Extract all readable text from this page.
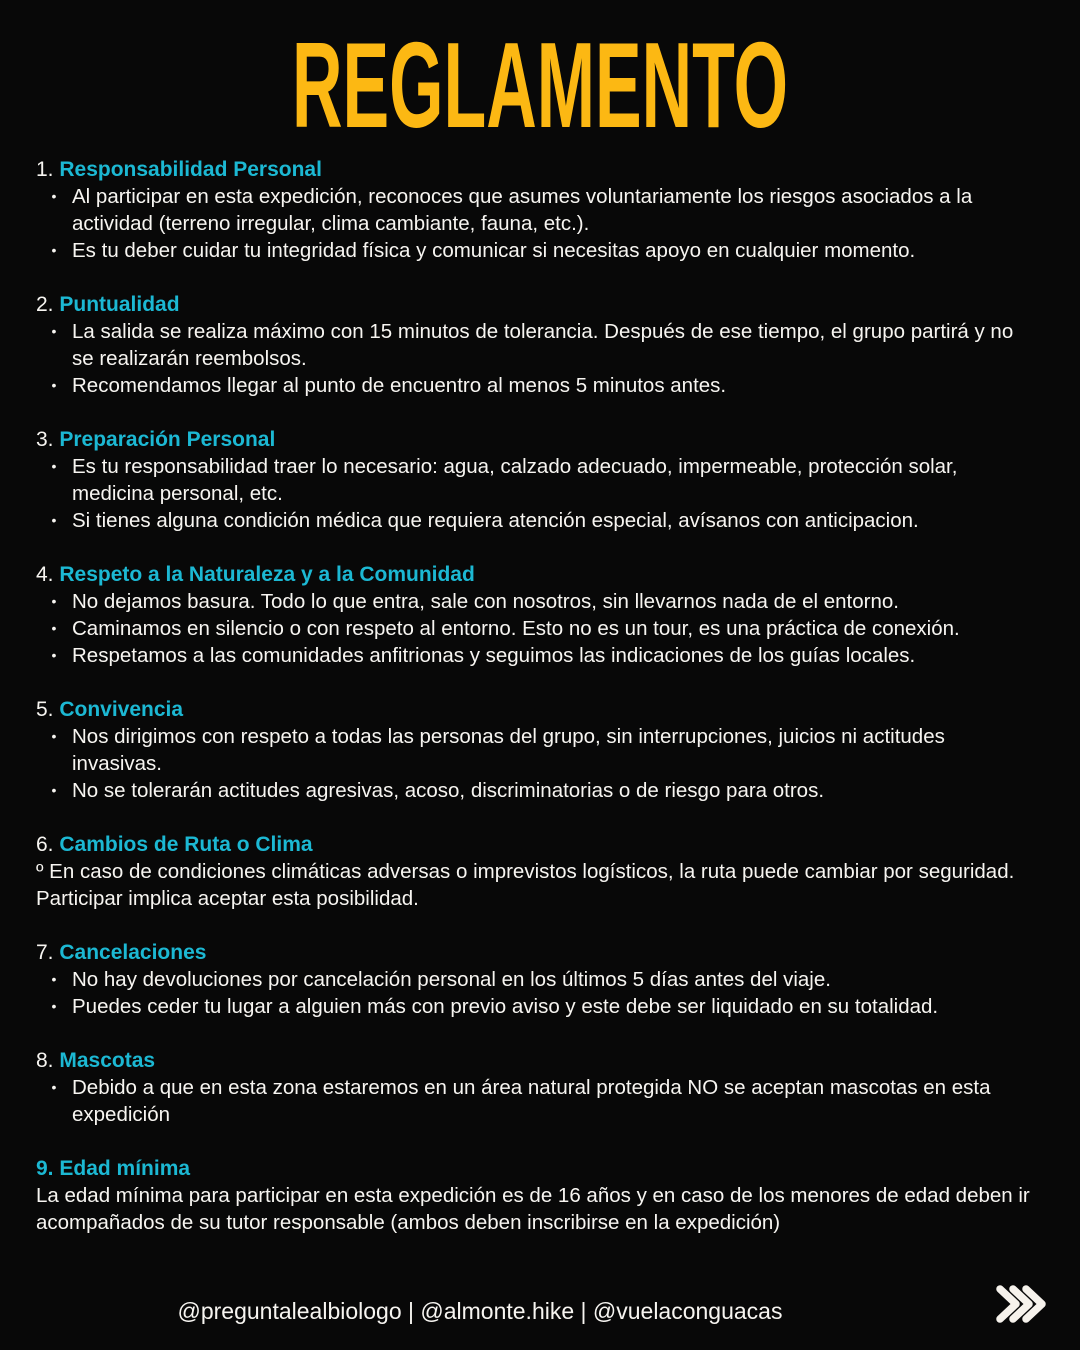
REGLAMENTO
1. Responsabilidad Personal
• Al participar en esta expedición, reconoces que asumes voluntariamente los riesgos asociados a la actividad (terreno irregular, clima cambiante, fauna, etc.).
• Es tu deber cuidar tu integridad física y comunicar si necesitas apoyo en cualquier momento.
2. Puntualidad
• La salida se realiza máximo con 15 minutos de tolerancia. Después de ese tiempo, el grupo partirá y no se realizarán reembolsos.
• Recomendamos llegar al punto de encuentro al menos 5 minutos antes.
3. Preparación Personal
• Es tu responsabilidad traer lo necesario: agua, calzado adecuado, impermeable, protección solar, medicina personal, etc.
• Si tienes alguna condición médica que requiera atención especial, avísanos con anticipacion.
4. Respeto a la Naturaleza y a la Comunidad
• No dejamos basura. Todo lo que entra, sale con nosotros, sin llevarnos nada de el entorno.
• Caminamos en silencio o con respeto al entorno. Esto no es un tour, es una práctica de conexión.
• Respetamos a las comunidades anfitrionas y seguimos las indicaciones de los guías locales.
5. Convivencia
• Nos dirigimos con respeto a todas las personas del grupo, sin interrupciones, juicios ni actitudes invasivas.
• No se tolerarán actitudes agresivas, acoso, discriminatorias o de riesgo para otros.
6. Cambios de Ruta o Clima
º En caso de condiciones climáticas adversas o imprevistos logísticos, la ruta puede cambiar por seguridad. Participar implica aceptar esta posibilidad.
7. Cancelaciones
• No hay devoluciones por cancelación personal en los últimos 5 días antes del viaje.
• Puedes ceder tu lugar a alguien más con previo aviso y este debe ser liquidado en su totalidad.
8. Mascotas
• Debido a que en esta zona estaremos en un área natural protegida NO se aceptan mascotas en esta expedición
9. Edad mínima
La edad mínima para participar en esta expedición es de 16 años y en caso de los menores de edad deben ir acompañados de su tutor responsable (ambos deben inscribirse en la expedición)
@preguntalealbiologo | @almonte.hike | @vuelaconguacas
